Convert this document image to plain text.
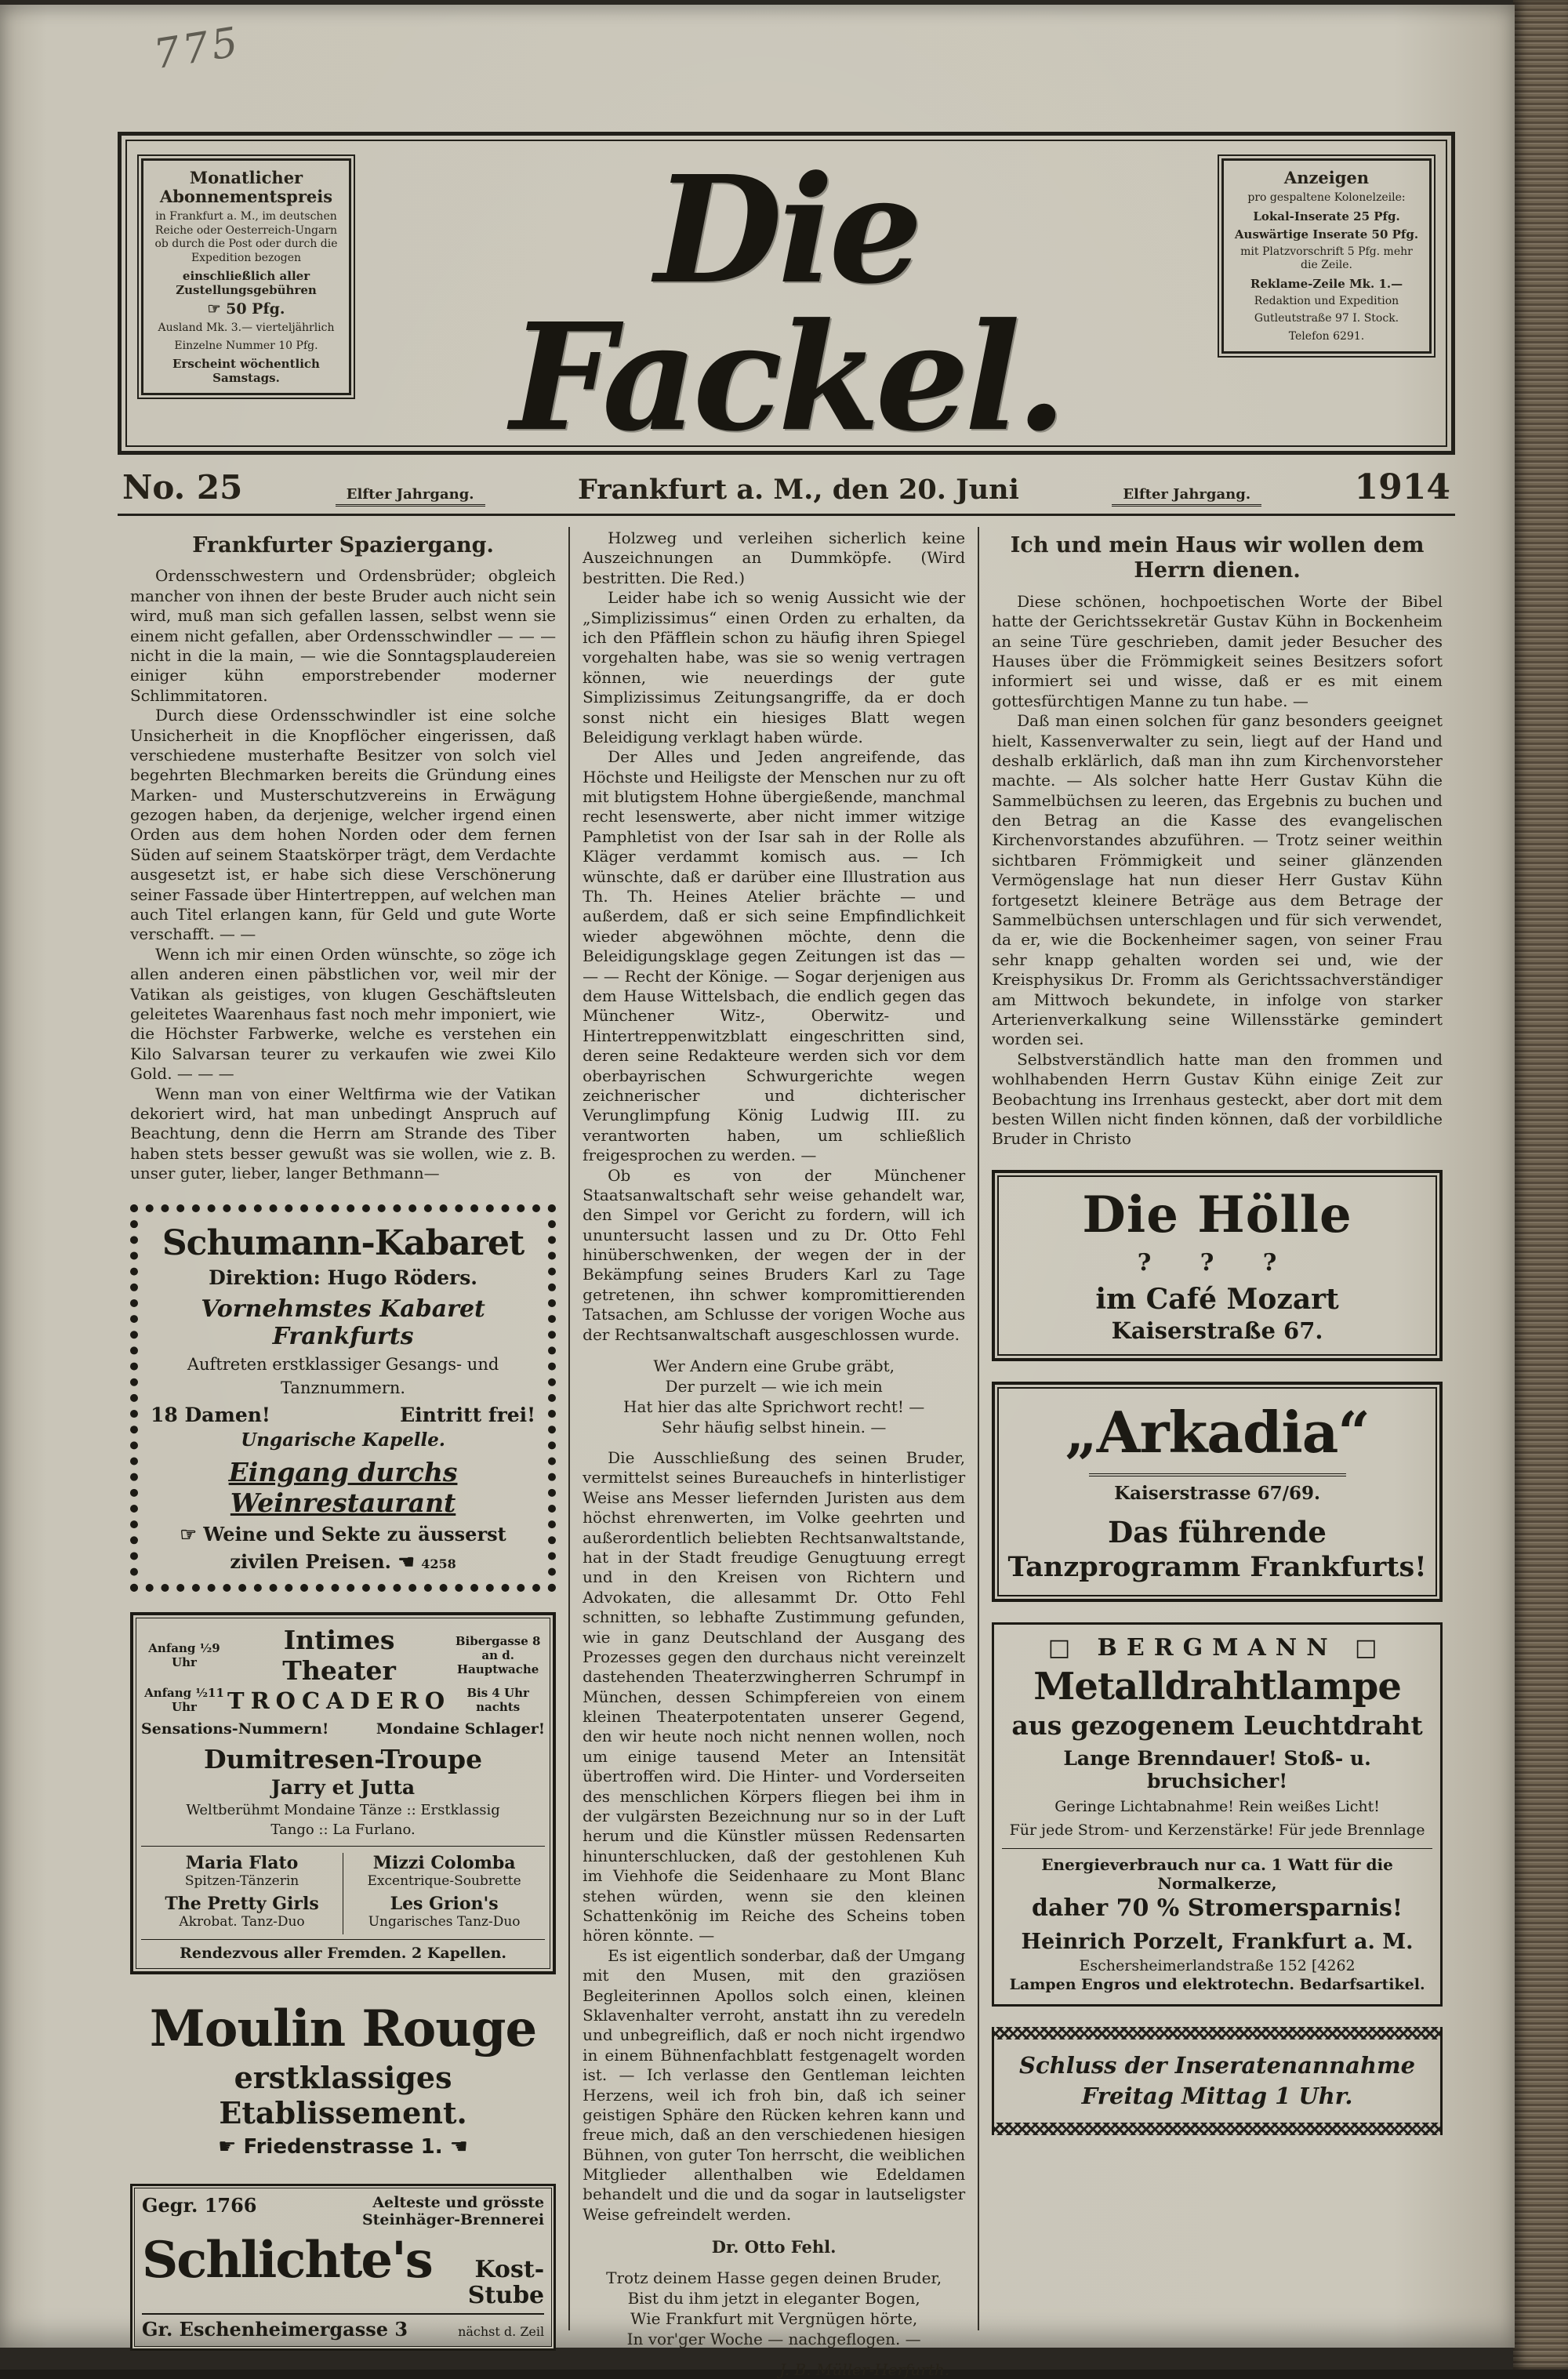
775
Monatlicher
Abonnementspreis
in Frankfurt a. M., im deutschen Reiche oder Oesterreich-Ungarn ob durch die Post oder durch die Expedition bezogen
einschließlich aller Zustellungsgebühren
☞ 50 Pfg.
Ausland Mk. 3.— vierteljährlich
Einzelne Nummer 10 Pfg.
Erscheint wöchentlich Samstags.
Die Fackel.
Anzeigen
pro gespaltene Kolonelzeile:
Lokal-Inserate 25 Pfg.
Auswärtige Inserate 50 Pfg.
mit Platzvorschrift 5 Pfg. mehr die Zeile.
Reklame-Zeile Mk. 1.—
Redaktion und Expedition
Gutleutstraße 97 I. Stock.
Telefon 6291.
No. 25	Elfter Jahrgang.	Frankfurt a. M., den 20. Juni	Elfter Jahrgang.	1914
Frankfurter Spaziergang.

Ordensschwestern und Ordensbrüder; obgleich mancher von ihnen der beste Bruder auch nicht sein wird, muß man sich gefallen lassen, selbst wenn sie einem nicht gefallen, aber Ordensschwindler — — — nicht in die la main, — wie die Sonntagsplaudereien einiger kühn emporstrebender moderner Schlimmitatoren.

Durch diese Ordensschwindler ist eine solche Unsicherheit in die Knopflöcher eingerissen, daß verschiedene musterhafte Besitzer von solch viel begehrten Blechmarken bereits die Gründung eines Marken- und Musterschutzvereins in Erwägung gezogen haben, da derjenige, welcher irgend einen Orden aus dem hohen Norden oder dem fernen Süden auf seinem Staatskörper trägt, dem Verdachte ausgesetzt ist, er habe sich diese Verschönerung seiner Fassade über Hintertreppen, auf welchen man auch Titel erlangen kann, für Geld und gute Worte verschafft. — —

Wenn ich mir einen Orden wünschte, so zöge ich allen anderen einen päbstlichen vor, weil mir der Vatikan als geistiges, von klugen Geschäftsleuten geleitetes Waarenhaus fast noch mehr imponiert, wie die Höchster Farbwerke, welche es verstehen ein Kilo Salvarsan teurer zu verkaufen wie zwei Kilo Gold. — — —

Wenn man von einer Weltfirma wie der Vatikan dekoriert wird, hat man unbedingt Anspruch auf Beachtung, denn die Herrn am Strande des Tiber haben stets besser gewußt was sie wollen, wie z. B. unser guter, lieber, langer Bethmann—

Schumann-Kabaret
Direktion: Hugo Röders.
Vornehmstes Kabaret Frankfurts
Auftreten erstklassiger Gesangs- und
Tanznummern.
18 Damen!	Eintritt frei!
Ungarische Kapelle.
Eingang durchs Weinrestaurant
☞ Weine und Sekte zu äusserst
zivilen Preisen. ☚ 4258
Anfang ½9 Uhr
Intimes Theater
Bibergasse 8 an d. Hauptwache
Anfang ½11 Uhr	TROCADERO	Bis 4 Uhr nachts
Sensations-Nummern!	Mondaine Schlager!
Dumitresen-Troupe
Jarry et Jutta
Weltberühmt Mondaine Tänze :: Erstklassig
Tango :: La Furlano.
Maria Flato
Spitzen-Tänzerin
The Pretty Girls
Akrobat. Tanz-Duo
Mizzi Colomba
Excentrique-Soubrette
Les Grion's
Ungarisches Tanz-Duo
Rendezvous aller Fremden. 2 Kapellen.
Moulin Rouge
erstklassiges Etablissement.
☛ Friedenstrasse 1. ☚
Gegr. 1766	Aelteste und grösste
Steinhäger-Brennerei
Schlichte's Kost-
Stube
Gr. Eschenheimergasse 3	nächst d. Zeil

Holzweg und verleihen sicherlich keine Auszeichnungen an Dummköpfe. (Wird bestritten. Die Red.)

Leider habe ich so wenig Aussicht wie der „Simplizissimus“ einen Orden zu erhalten, da ich den Pfäfflein schon zu häufig ihren Spiegel vorgehalten habe, was sie so wenig vertragen können, wie neuerdings der gute Simplizissimus Zeitungsangriffe, da er doch sonst nicht ein hiesiges Blatt wegen Beleidigung verklagt haben würde.

Der Alles und Jeden angreifende, das Höchste und Heiligste der Menschen nur zu oft mit blutigstem Hohne übergießende, manchmal recht lesenswerte, aber nicht immer witzige Pamphletist von der Isar sah in der Rolle als Kläger verdammt komisch aus. — Ich wünschte, daß er darüber eine Illustration aus Th. Th. Heines Atelier brächte — und außerdem, daß er sich seine Empfindlichkeit wieder abgewöhnen möchte, denn die Beleidigungsklage gegen Zeitungen ist das — — — Recht der Könige. — Sogar derjenigen aus dem Hause Wittelsbach, die endlich gegen das Münchener Witz-, Oberwitz- und Hintertreppenwitzblatt eingeschritten sind, deren seine Redakteure werden sich vor dem oberbayrischen Schwurgerichte wegen zeichnerischer und dichterischer Verunglimpfung König Ludwig III. zu verantworten haben, um schließlich freigesprochen zu werden. —

Ob es von der Münchener Staatsanwaltschaft sehr weise gehandelt war, den Simpel vor Gericht zu fordern, will ich ununtersucht lassen und zu Dr. Otto Fehl hinüberschwenken, der wegen der in der Bekämpfung seines Bruders Karl zu Tage getretenen, ihn schwer kompromittierenden Tatsachen, am Schlusse der vorigen Woche aus der Rechtsanwaltschaft ausgeschlossen wurde.

Wer Andern eine Grube gräbt,
Der purzelt — wie ich mein
Hat hier das alte Sprichwort recht! —
Sehr häufig selbst hinein. —

Die Ausschließung des seinen Bruder, vermittelst seines Bureauchefs in hinterlistiger Weise ans Messer liefernden Juristen aus dem höchst ehrenwerten, im Volke geehrten und außerordentlich beliebten Rechtsanwaltstande, hat in der Stadt freudige Genugtuung erregt und in den Kreisen von Richtern und Advokaten, die allesammt Dr. Otto Fehl schnitten, so lebhafte Zustimmung gefunden, wie in ganz Deutschland der Ausgang des Prozesses gegen den durchaus nicht vereinzelt dastehenden Theaterzwingherren Schrumpf in München, dessen Schimpfereien von einem kleinen Theaterpotentaten unserer Gegend, den wir heute noch nicht nennen wollen, noch um einige tausend Meter an Intensität übertroffen wird. Die Hinter- und Vorderseiten des menschlichen Körpers fliegen bei ihm in der vulgärsten Bezeichnung nur so in der Luft herum und die Künstler müssen Redensarten hinunterschlucken, daß der gestohlenen Kuh im Viehhofe die Seidenhaare zu Mont Blanc stehen würden, wenn sie den kleinen Schattenkönig im Reiche des Scheins toben hören könnte. —

Es ist eigentlich sonderbar, daß der Umgang mit den Musen, mit den graziösen Begleiterinnen Apollos solch einen, kleinen Sklavenhalter verroht, anstatt ihn zu veredeln und unbegreiflich, daß er noch nicht irgendwo in einem Bühnenfachblatt festgenagelt worden ist. — Ich verlasse den Gentleman leichten Herzens, weil ich froh bin, daß ich seiner geistigen Sphäre den Rücken kehren kann und freue mich, daß an den verschiedenen hiesigen Bühnen, von guter Ton herrscht, die weiblichen Mitglieder allenthalben wie Edeldamen behandelt und die und da sogar in lautseligster Weise gefreindelt werden.

Dr. Otto Fehl.
Trotz deinem Hasse gegen deinen Bruder,
Bist du ihm jetzt in eleganter Bogen,
Wie Frankfurt mit Vergnügen hörte,
In vor'ger Woche — nachgeflogen. —
J. B. Müller-Herfurth.
Ich und mein Haus wir wollen dem Herrn dienen.

Diese schönen, hochpoetischen Worte der Bibel hatte der Gerichtssekretär Gustav Kühn in Bockenheim an seine Türe geschrieben, damit jeder Besucher des Hauses über die Frömmigkeit seines Besitzers sofort informiert sei und wisse, daß er es mit einem gottesfürchtigen Manne zu tun habe. —

Daß man einen solchen für ganz besonders geeignet hielt, Kassenverwalter zu sein, liegt auf der Hand und deshalb erklärlich, daß man ihn zum Kirchenvorsteher machte. — Als solcher hatte Herr Gustav Kühn die Sammelbüchsen zu leeren, das Ergebnis zu buchen und den Betrag an die Kasse des evangelischen Kirchenvorstandes abzuführen. — Trotz seiner weithin sichtbaren Frömmigkeit und seiner glänzenden Vermögenslage hat nun dieser Herr Gustav Kühn fortgesetzt kleinere Beträge aus dem Betrage der Sammelbüchsen unterschlagen und für sich verwendet, da er, wie die Bockenheimer sagen, von seiner Frau sehr knapp gehalten worden sei und, wie der Kreisphysikus Dr. Fromm als Gerichtssachverständiger am Mittwoch bekundete, in infolge von starker Arterienverkalkung seine Willensstärke gemindert worden sei.

Selbstverständlich hatte man den frommen und wohlhabenden Herrn Gustav Kühn einige Zeit zur Beobachtung ins Irrenhaus gesteckt, aber dort mit dem besten Willen nicht finden können, daß der vorbildliche Bruder in Christo

Die Hölle
? ? ?
im Café Mozart
Kaiserstraße 67.
„Arkadia“
Kaiserstrasse 67/69.
Das führende
Tanzprogramm Frankfurts!
□ BERGMANN □
Metalldrahtlampe
aus gezogenem Leuchtdraht
Lange Brenndauer! Stoß- u. bruchsicher!
Geringe Lichtabnahme! Rein weißes Licht!
Für jede Strom- und Kerzenstärke! Für jede Brennlage
Energieverbrauch nur ca. 1 Watt für die Normalkerze,
daher 70 % Stromersparnis!
Heinrich Porzelt, Frankfurt a. M.
Eschersheimerlandstraße 152 [4262
Lampen Engros und elektrotechn. Bedarfsartikel.
Schluss der Inseratenannahme
Freitag Mittag 1 Uhr.
